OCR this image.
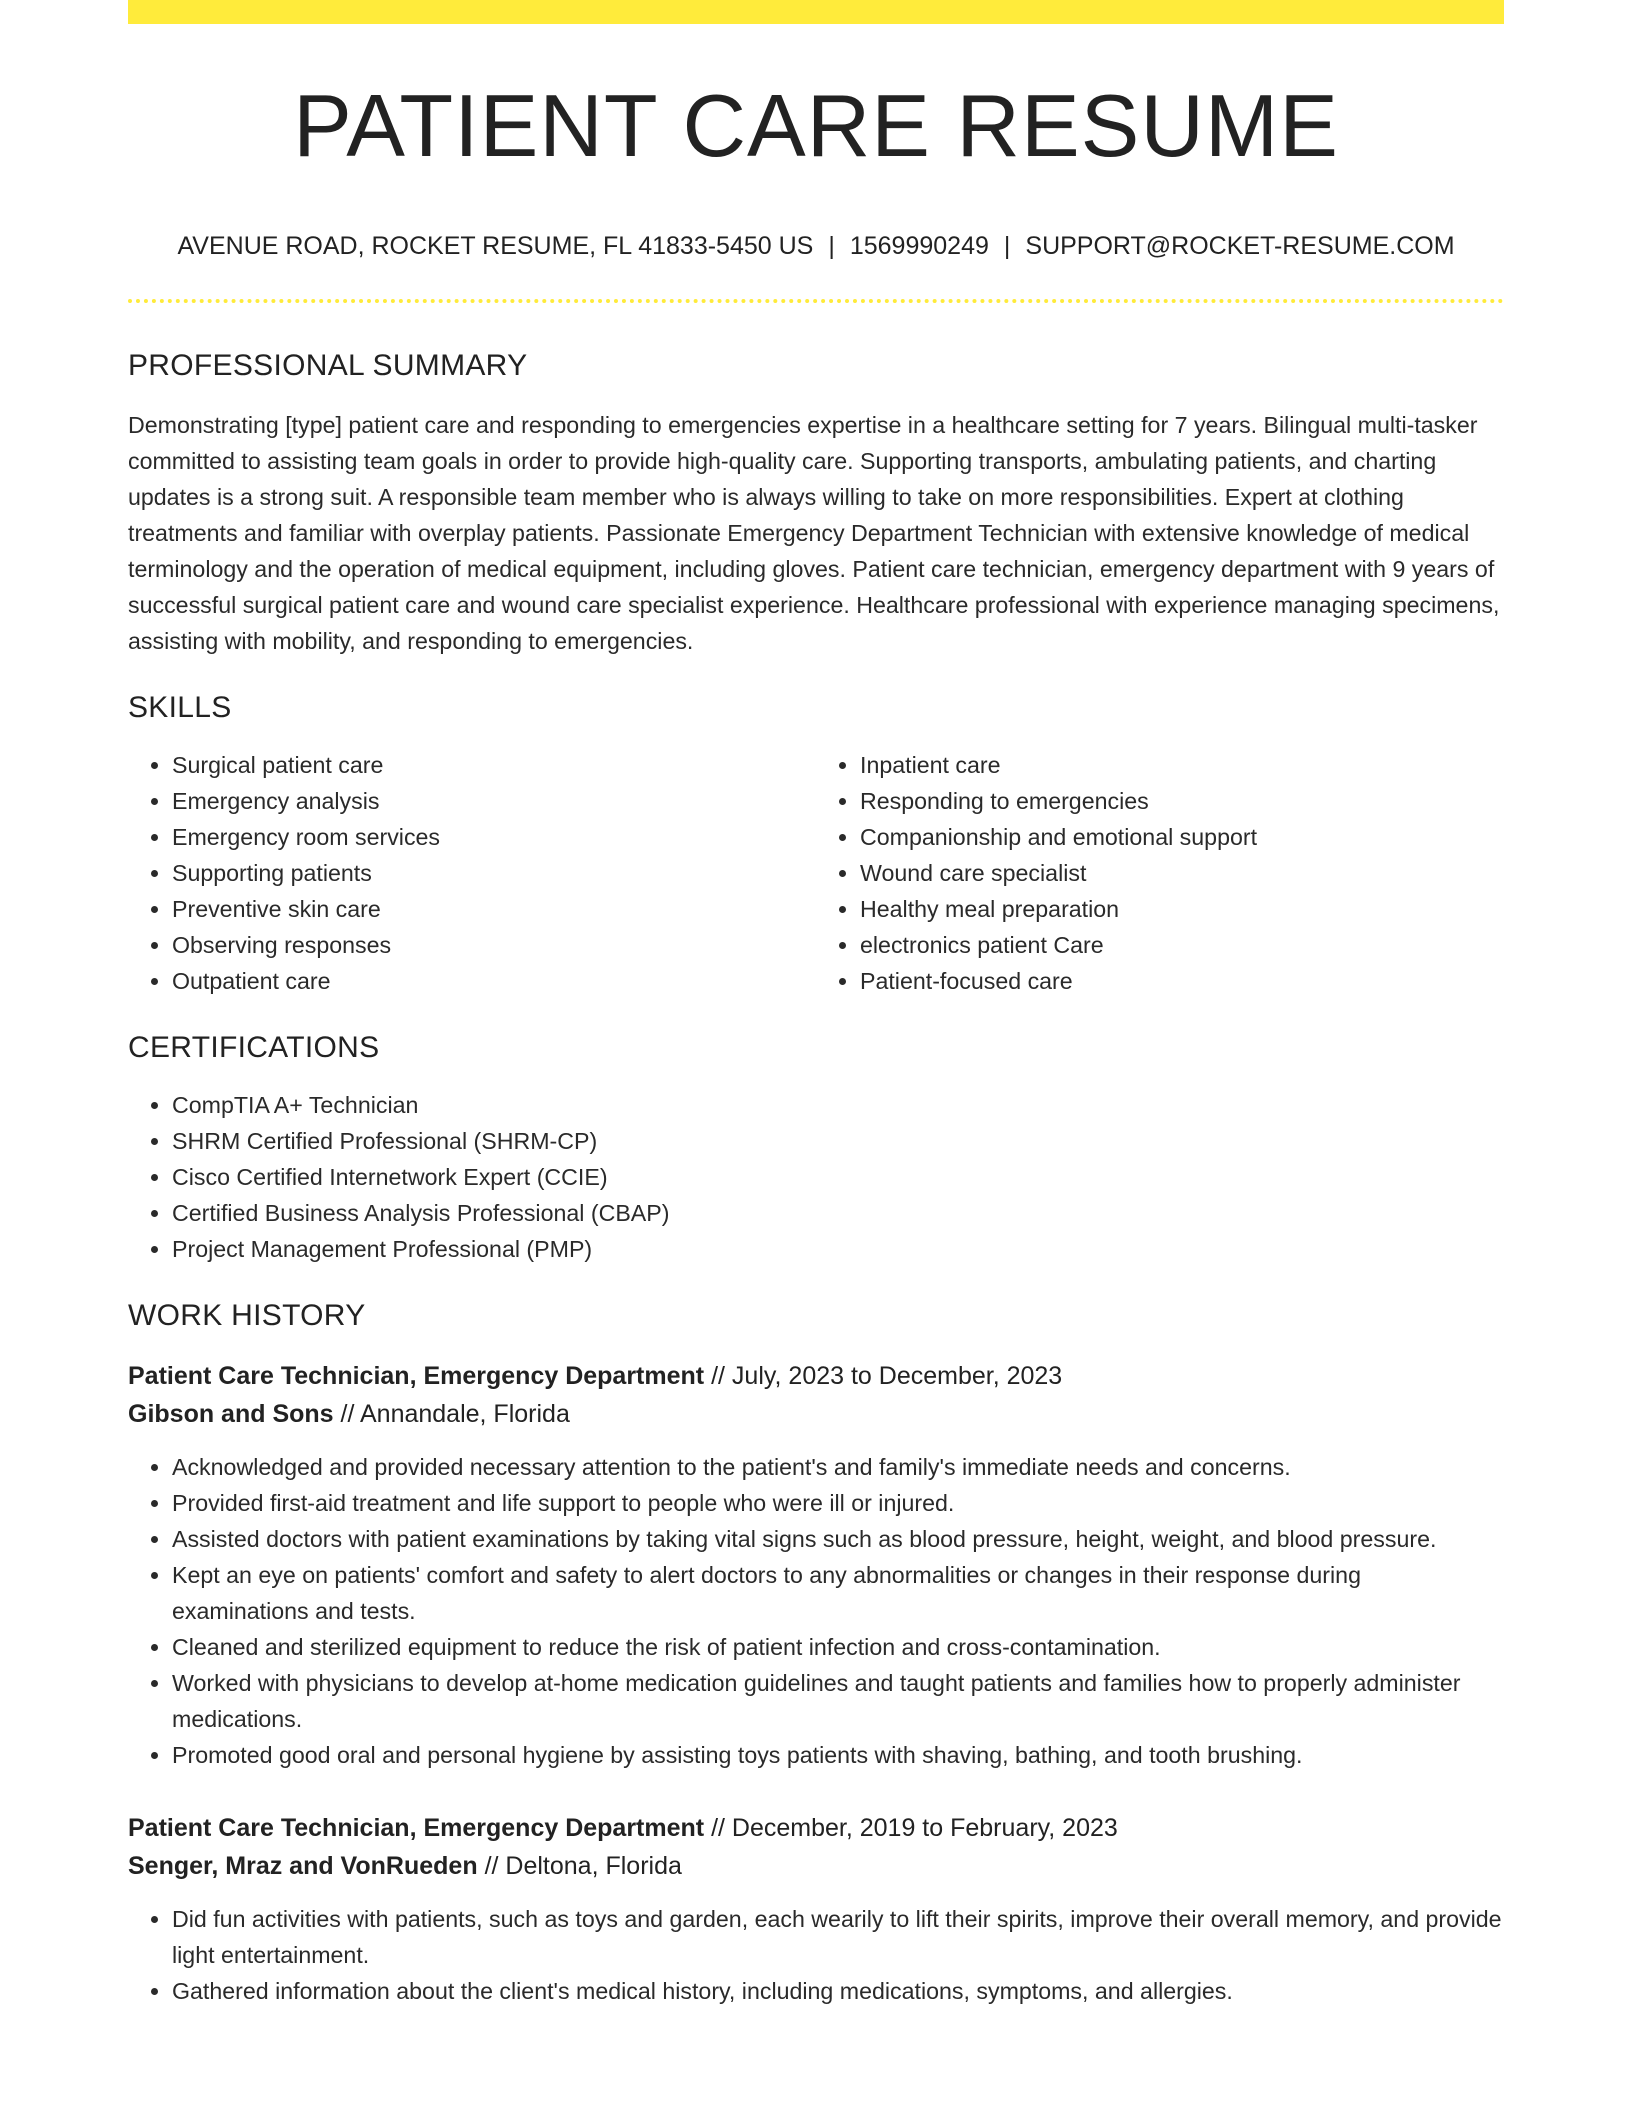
PATIENT CARE RESUME
AVENUE ROAD, ROCKET RESUME, FL 41833-5450 US | 1569990249 | SUPPORT@ROCKET-RESUME.COM
PROFESSIONAL SUMMARY
Demonstrating [type] patient care and responding to emergencies expertise in a healthcare setting for 7 years. Bilingual multi-tasker committed to assisting team goals in order to provide high-quality care. Supporting transports, ambulating patients, and charting updates is a strong suit. A responsible team member who is always willing to take on more responsibilities. Expert at clothing treatments and familiar with overplay patients. Passionate Emergency Department Technician with extensive knowledge of medical terminology and the operation of medical equipment, including gloves. Patient care technician, emergency department with 9 years of successful surgical patient care and wound care specialist experience. Healthcare professional with experience managing specimens, assisting with mobility, and responding to emergencies.
SKILLS
• Surgical patient care
• Emergency analysis
• Emergency room services
• Supporting patients
• Preventive skin care
• Observing responses
• Outpatient care
• Inpatient care
• Responding to emergencies
• Companionship and emotional support
• Wound care specialist
• Healthy meal preparation
• electronics patient Care
• Patient-focused care
CERTIFICATIONS
• CompTIA A+ Technician
• SHRM Certified Professional (SHRM-CP)
• Cisco Certified Internetwork Expert (CCIE)
• Certified Business Analysis Professional (CBAP)
• Project Management Professional (PMP)
WORK HISTORY
Patient Care Technician, Emergency Department // July, 2023 to December, 2023
Gibson and Sons // Annandale, Florida
• Acknowledged and provided necessary attention to the patient's and family's immediate needs and concerns.
• Provided first-aid treatment and life support to people who were ill or injured.
• Assisted doctors with patient examinations by taking vital signs such as blood pressure, height, weight, and blood pressure.
• Kept an eye on patients' comfort and safety to alert doctors to any abnormalities or changes in their response during examinations and tests.
• Cleaned and sterilized equipment to reduce the risk of patient infection and cross-contamination.
• Worked with physicians to develop at-home medication guidelines and taught patients and families how to properly administer medications.
• Promoted good oral and personal hygiene by assisting toys patients with shaving, bathing, and tooth brushing.
Patient Care Technician, Emergency Department // December, 2019 to February, 2023
Senger, Mraz and VonRueden // Deltona, Florida
• Did fun activities with patients, such as toys and garden, each wearily to lift their spirits, improve their overall memory, and provide light entertainment.
• Gathered information about the client's medical history, including medications, symptoms, and allergies.
